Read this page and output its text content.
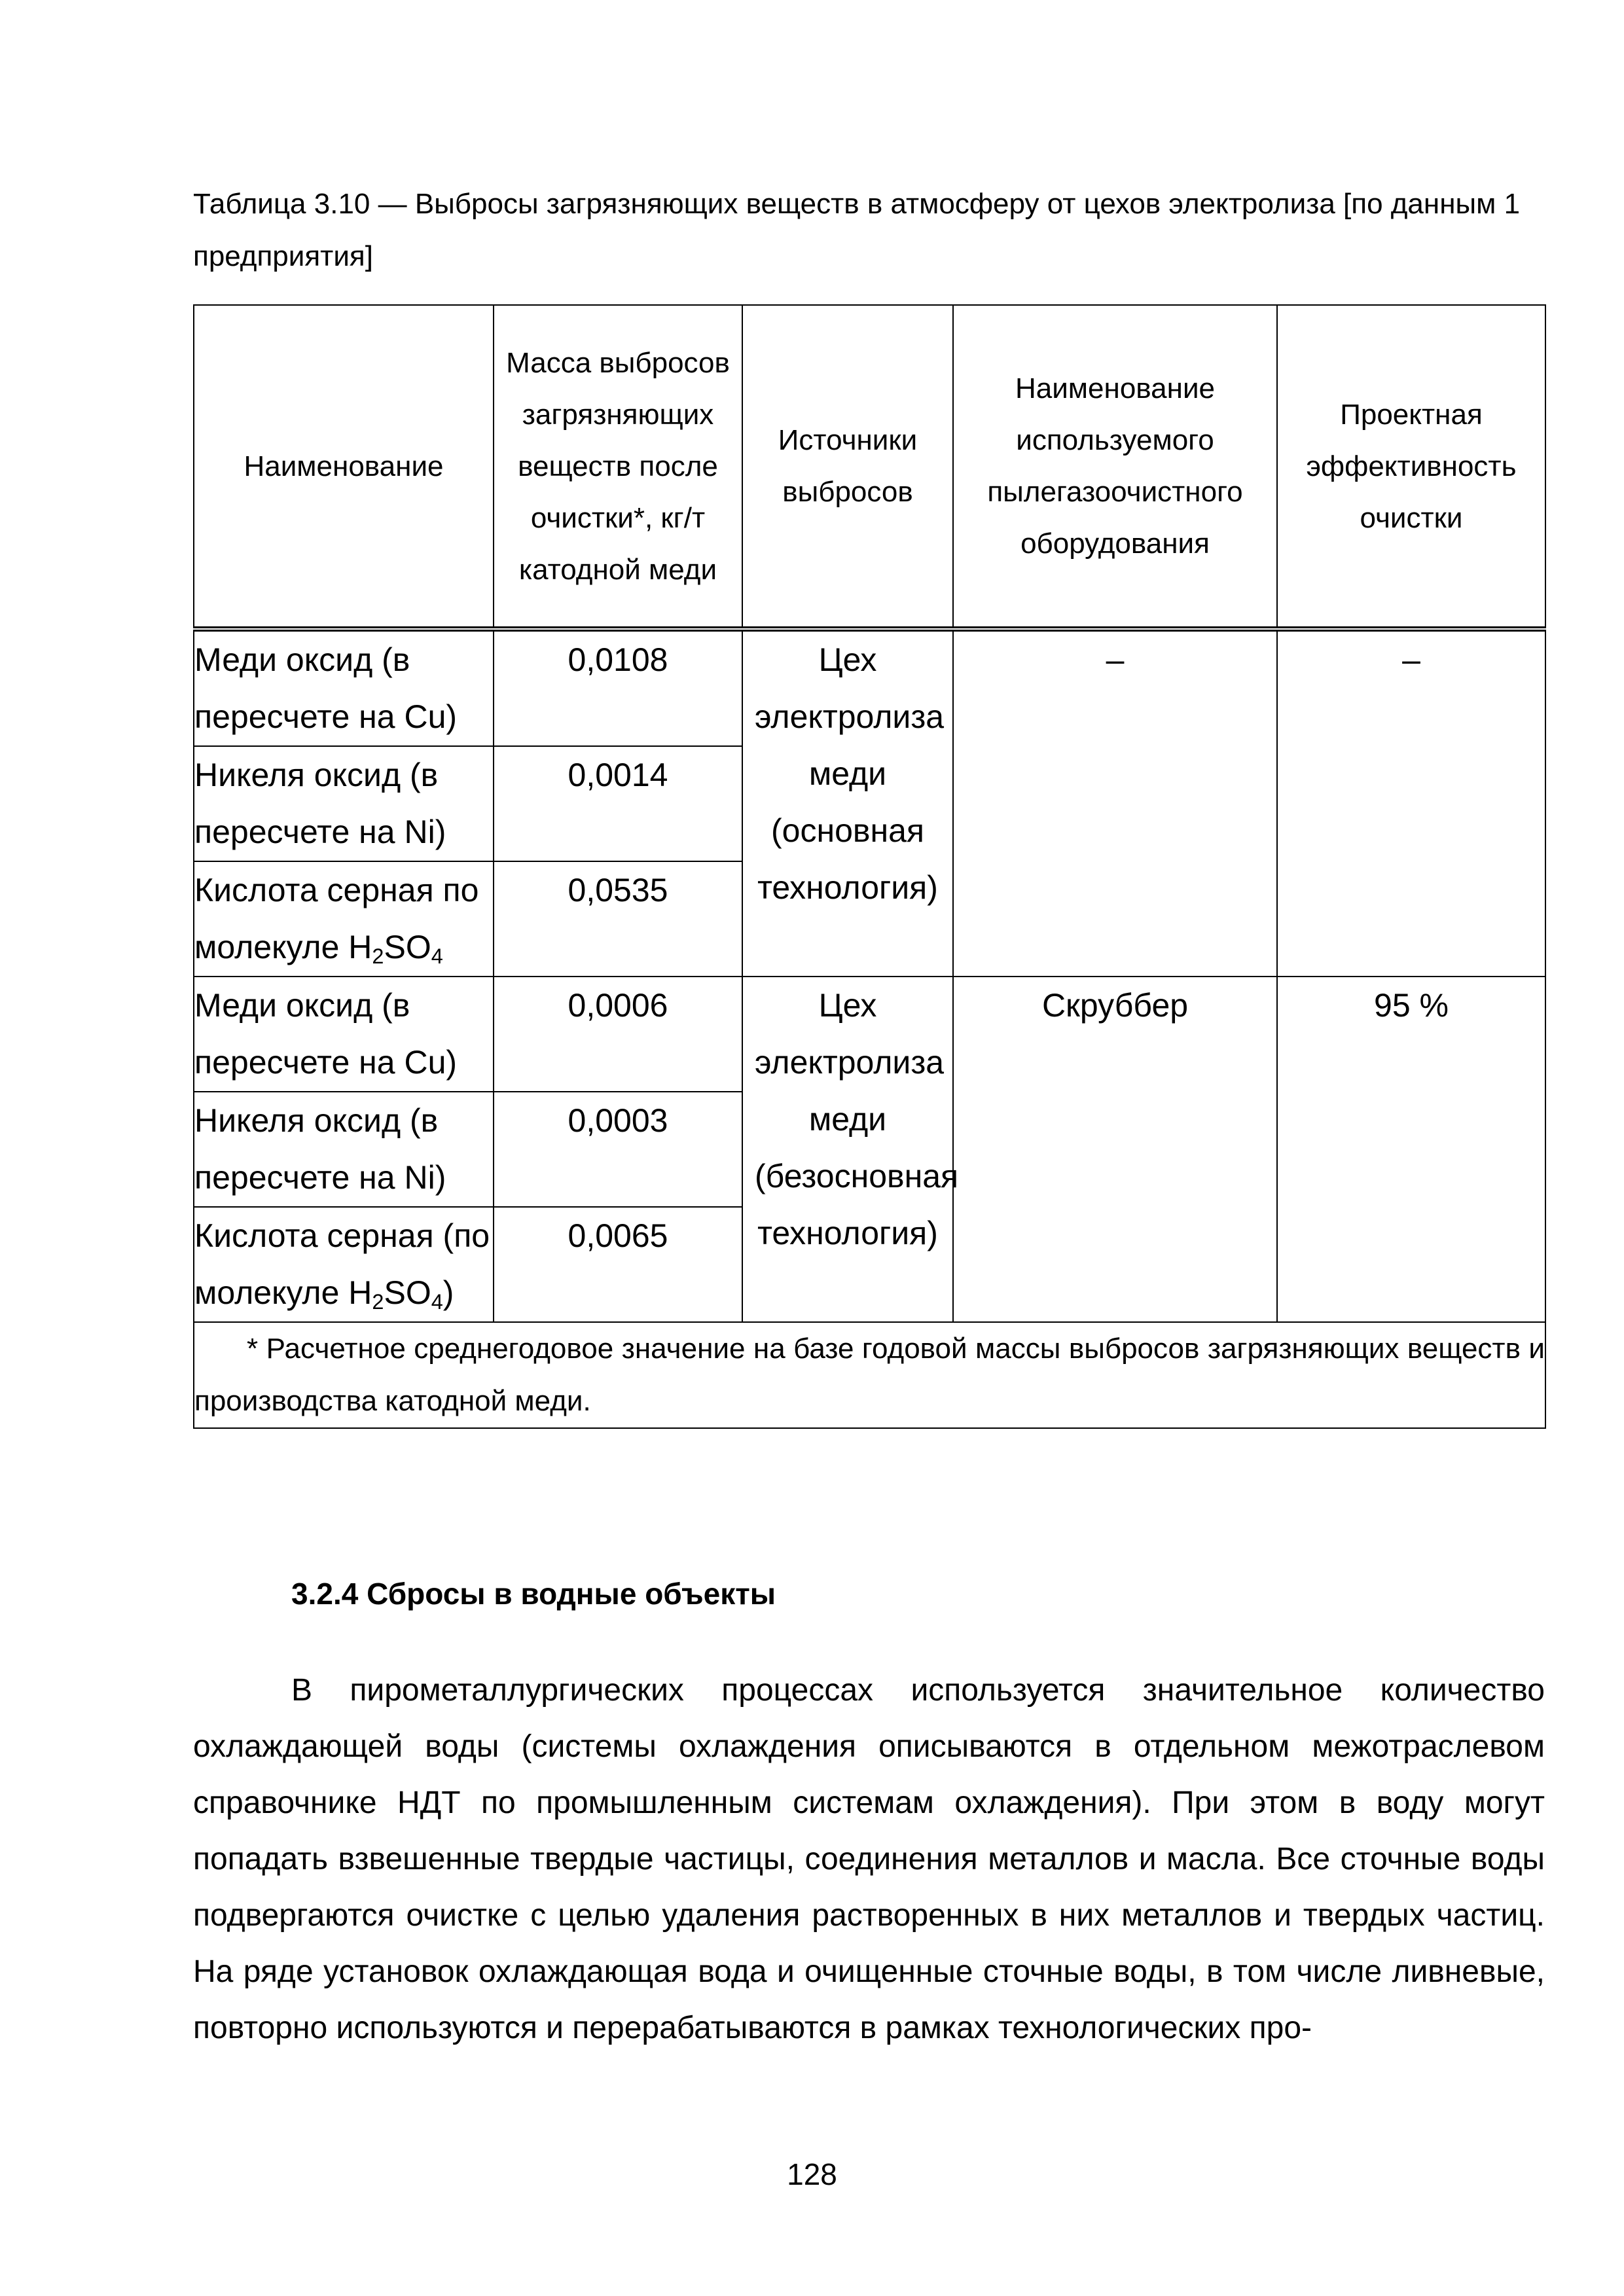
Таблица 3.10 — Выбросы загрязняющих веществ в атмосферу от цехов электролиза [по данным 1 предприятия]
Наименование	Масса выбросов загрязняющих веществ после очистки*, кг/т катодной меди	Источники выбросов	Наименование используемого пылегазоочистного оборудования	Проектная эффективность очистки
Меди оксид (в пересчете на Cu)	0,0108	Цех электролиза меди (основная технология)	–	–
Никеля оксид (в пересчете на Ni)	0,0014			
Кислота серная по молекуле $H_2SO_4$	0,0535			
Меди оксид (в пересчете на Cu)	0,0006	Цех электролиза меди (безосновная технология)	Скруббер	95 %
Никеля оксид (в пересчете на Ni)	0,0003			
Кислота серная (по молекуле $H_2SO_4$)	0,0065			
* Расчетное среднегодовое значение на базе годовой массы выбросов загрязняющих веществ и производства катодной меди.				
3.2.4 Сбросы в водные объекты
В пирометаллургических процессах используется значительное количество охлаждающей воды (системы охлаждения описываются в отдельном межотраслевом справочнике НДТ по промышленным системам охлаждения). При этом в воду могут попадать взвешенные твердые частицы, соединения металлов и масла. Все сточные воды подвергаются очистке с целью удаления растворенных в них металлов и твердых частиц. На ряде установок охлаждающая вода и очищенные сточные воды, в том числе ливневые, повторно используются и перерабатываются в рамках технологических про-
128
